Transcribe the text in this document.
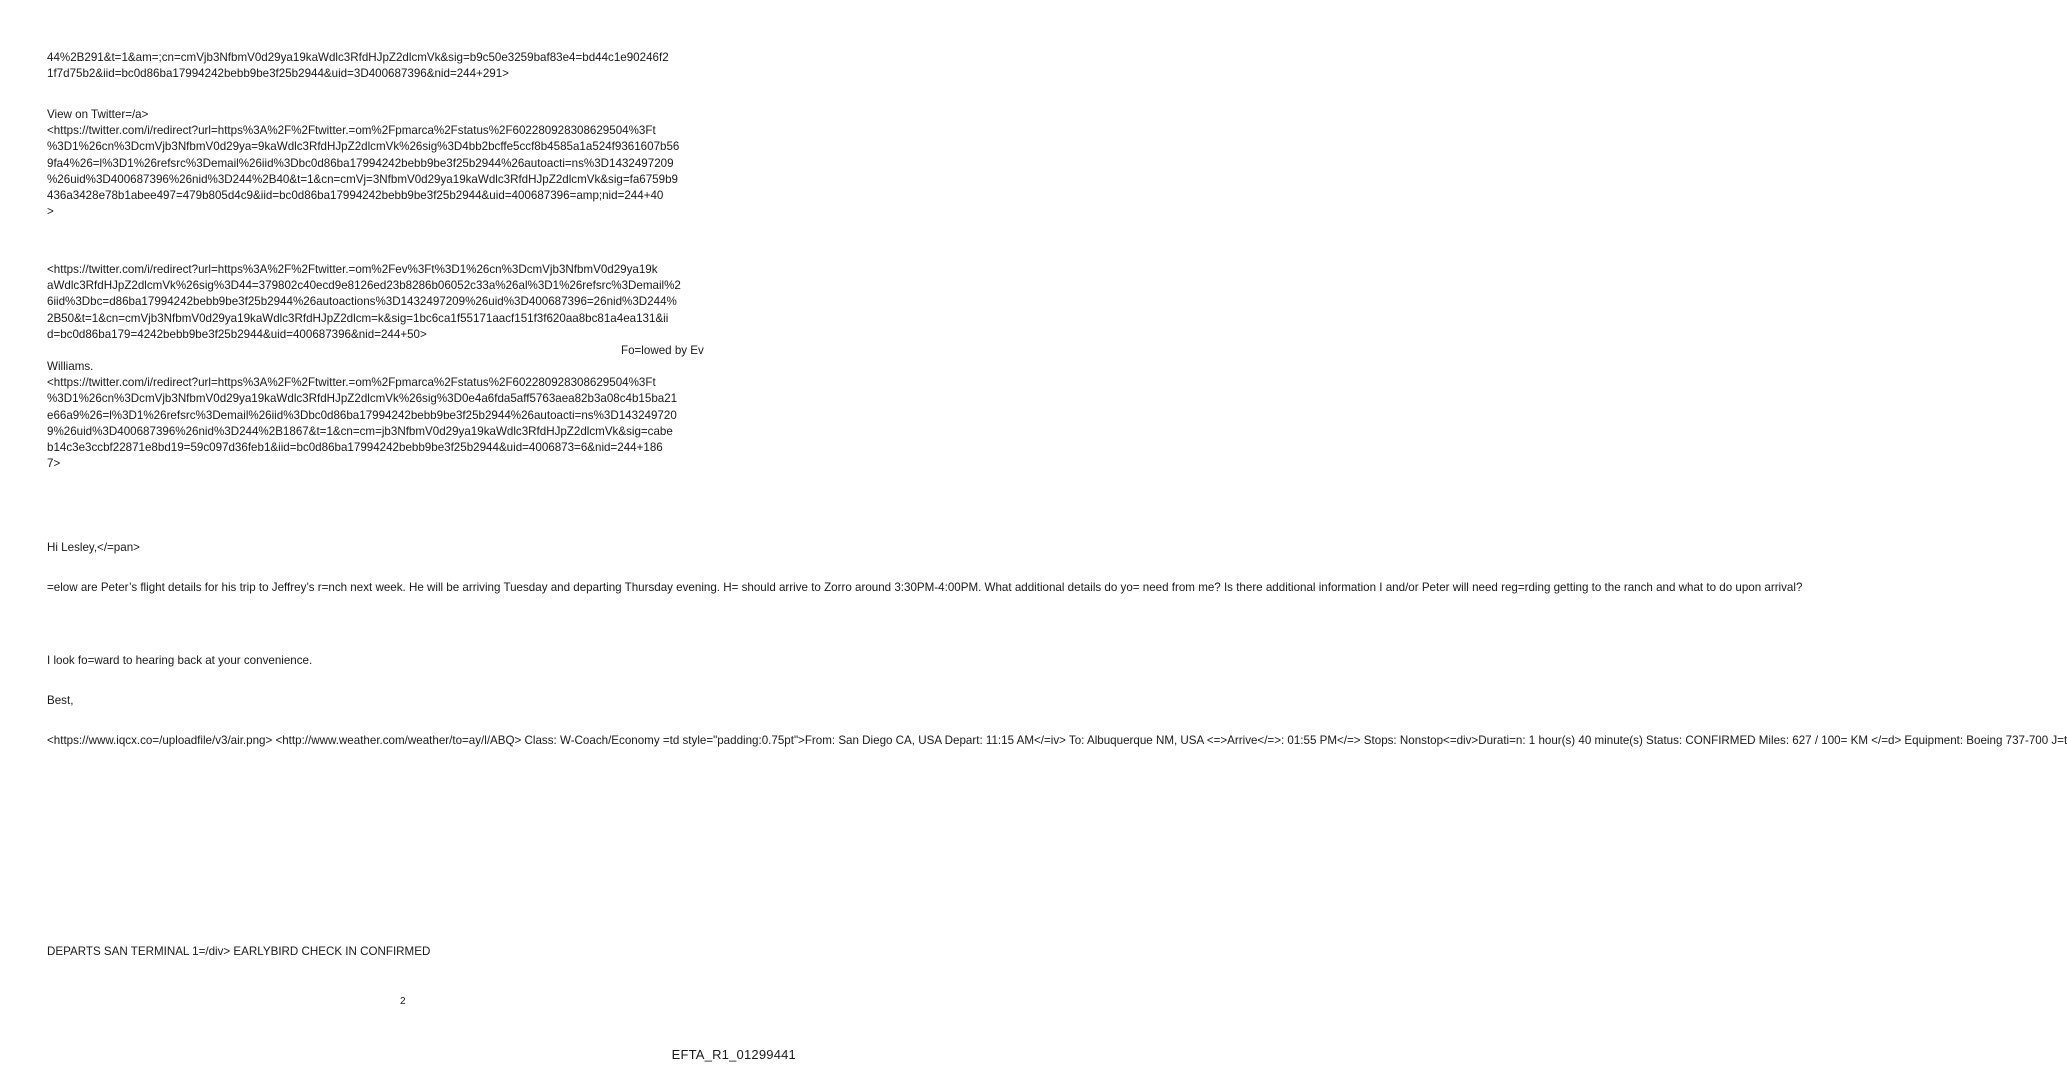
44%2B291&t=1&am=;cn=cmVjb3NfbmV0d29ya19kaWdlc3RfdHJpZ2dlcmVk&sig=b9c50e3259baf83e4=bd44c1e90246f2
1f7d75b2&iid=bc0d86ba17994242bebb9be3f25b2944&uid=3D400687396&nid=244+291>
View on Twitter=/a>
<https://twitter.com/i/redirect?url=https%3A%2F%2Ftwitter.=om%2Fpmarca%2Fstatus%2F602280928308629504%3Ft
%3D1%26cn%3DcmVjb3NfbmV0d29ya=9kaWdlc3RfdHJpZ2dlcmVk%26sig%3D4bb2bcffe5ccf8b4585a1a524f9361607b56
9fa4%26=l%3D1%26refsrc%3Demail%26iid%3Dbc0d86ba17994242bebb9be3f25b2944%26autoacti=ns%3D1432497209
%26uid%3D400687396%26nid%3D244%2B40&t=1&cn=cmVj=3NfbmV0d29ya19kaWdlc3RfdHJpZ2dlcmVk&sig=fa6759b9
436a3428e78b1abee497=479b805d4c9&iid=bc0d86ba17994242bebb9be3f25b2944&uid=400687396=amp;nid=244+40
>
<https://twitter.com/i/redirect?url=https%3A%2F%2Ftwitter.=om%2Fev%3Ft%3D1%26cn%3DcmVjb3NfbmV0d29ya19k
aWdlc3RfdHJpZ2dlcmVk%26sig%3D44=379802c40ecd9e8126ed23b8286b06052c33a%26al%3D1%26refsrc%3Demail%2
6iid%3Dbc=d86ba17994242bebb9be3f25b2944%26autoactions%3D1432497209%26uid%3D400687396=26nid%3D244%
2B50&t=1&cn=cmVjb3NfbmV0d29ya19kaWdlc3RfdHJpZ2dlcm=k&sig=1bc6ca1f55171aacf151f3f620aa8bc81a4ea131&ii
d=bc0d86ba179=4242bebb9be3f25b2944&uid=400687396&nid=244+50>
Fo=lowed by Ev
Williams.
<https://twitter.com/i/redirect?url=https%3A%2F%2Ftwitter.=om%2Fpmarca%2Fstatus%2F602280928308629504%3Ft
%3D1%26cn%3DcmVjb3NfbmV0d29ya19kaWdlc3RfdHJpZ2dlcmVk%26sig%3D0e4a6fda5aff5763aea82b3a08c4b15ba21
e66a9%26=l%3D1%26refsrc%3Demail%26iid%3Dbc0d86ba17994242bebb9be3f25b2944%26autoacti=ns%3D143249720
9%26uid%3D400687396%26nid%3D244%2B1867&t=1&cn=cm=jb3NfbmV0d29ya19kaWdlc3RfdHJpZ2dlcmVk&sig=cabe
b14c3e3ccbf22871e8bd19=59c097d36feb1&iid=bc0d86ba17994242bebb9be3f25b2944&uid=4006873=6&nid=244+186
7>
Hi Lesley,</=pan>
=elow are Peter’s flight details for his trip to Jeffrey’s r=nch next week. He will be arriving Tuesday and departing Thursday evening. H= should arrive to Zorro around 3:30PM-4:00PM. What additional details do yo= need from me? Is there additional information I and/or Peter will need reg=rding getting to the ranch and what to do upon arrival?
I look fo=ward to hearing back at your convenience.
Best,
<https://www.iqcx.co=/uploadfile/v3/air.png> <http://www.weather.com/weather/to=ay/l/ABQ> Class: W-Coach/Economy =td style="padding:0.75pt">From: San Diego CA, USA Depart: 11:15 AM</=iv> To: Albuquerque NM, USA <=>Arrive</=>: 01:55 PM</=> Stops: Nonstop<=div>Durati=n: 1 hour(s) 40 minute(s) Status: CONFIRMED Miles: 627 / 100= KM </=d> Equipment: Boeing 737-700 J=t
DEPARTS SAN TERMINAL 1=/div> EARLYBIRD CHECK IN CONFIRMED
2
EFTA_R1_01299441
